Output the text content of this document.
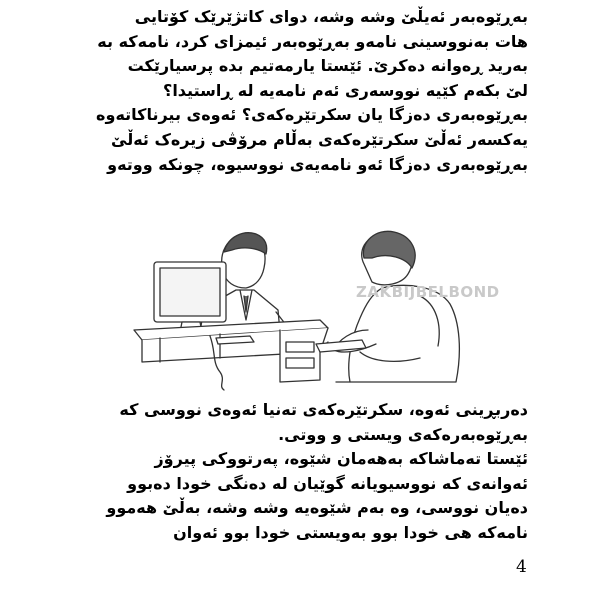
بەڕێوەبەر ئەیڵێ وشە وشە، دوای کاتژێرێک کۆتایی

هات بەنووسینی نامەو بەڕێوەبەر ئیمزای کرد، نامەکە بە

بەرید ڕەوانە دەکرێ. ئێستا یارمەتیم بدە پرسیارێکت

لێ بکەم کێیە نووسەری ئەم نامەیە لە ڕاستیدا؟

بەڕێوەبەری دەزگا یان سکرتێرەکەی؟ ئەوەی بیرناکاتەوە

یەکسەر ئەڵێ سکرتێرەکەی بەڵام مرۆڤی زیرەک ئەڵێ

بەڕێوەبەری دەزگا ئەو نامەیەی نووسیوە، چونکە ووتەو

ZAKBIJBELBOND

دەربڕینی ئەوە، سکرتێرەکەی تەنیا ئەوەی نووسی کە

بەڕێوەبەرەکەی ویستی و ووتی.

ئێستا تەماشاکە بەهەمان شێوە، پەرتووکی پیرۆز

ئەوانەی کە نووسیویانە گوێیان لە دەنگی خودا دەبوو

دەیان نووسی، وە بەم شێوەیە وشە وشە، بەڵێ هەموو

نامەکە هی خودا بوو بەویستی خودا بوو ئەوان

4
